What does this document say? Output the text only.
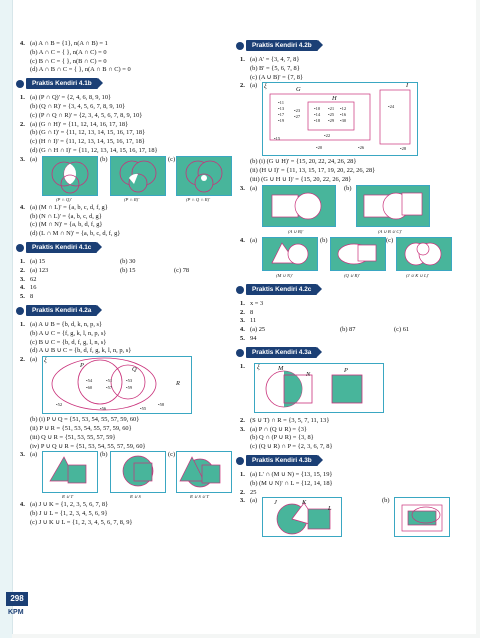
4. (a) A ∩ B = {1}, n(A ∩ B) = 1
(b) A ∩ C = { }, n(A ∩ C) = 0
(c) B ∩ C = { }, n(B ∩ C) = 0
(d) A ∩ B ∩ C = { }, n(A ∩ B ∩ C) = 0
Praktis Kendiri 4.1b
1. (a) (P ∩ Q)' = {2, 4, 6, 8, 9, 10}
(b) (Q ∩ R)' = {3, 4, 5, 6, 7, 8, 9, 10}
(c) (P ∩ Q ∩ R)' = {2, 3, 4, 5, 6, 7, 8, 9, 10}
2. (a) (G ∩ H)' = {11, 12, 14, 16, 17, 18}
(b) (G ∩ I)' = {11, 12, 13, 14, 15, 16, 17, 18}
(c) (H ∩ I)' = {11, 12, 13, 14, 15, 16, 17, 18}
(d) (G ∩ H ∩ I)' = {11, 12, 13, 14, 15, 16, 17, 18}
3. (a)	(b)	(c)
(P ∩ Q)'	(P ∩ R)'	(P ∩ Q ∩ R)'
4. (a) (M ∩ L)' = {a, b, c, d, f, g}
(b) (N ∩ L)' = {a, b, c, d, g}
(c) (M ∩ N)' = {a, b, d, f, g}
(d) (L ∩ M ∩ N)' = {a, b, c, d, f, g}
Praktis Kendiri 4.1c
1. (a) 15	(b) 30
2. (a) 123	(b) 15	(c) 78
3. 62
4. 16
5. 8
Praktis Kendiri 4.2a
1. (a) A ∪ B = {b, d, k, n, p, s}
(b) A ∪ C = {f, g, k, l, n, p, s}
(c) B ∪ C = {b, d, f, g, l, n, s}
(d) A ∪ B ∪ C = {b, d, f, g, k, l, n, p, s}
2. (a) ξ
P
Q
R
•54
•60
•51
•57
•53
•59
•52	•58
•56	•55
(b) (i) P ∪ Q = {51, 53, 54, 55, 57, 59, 60}
(ii) P ∪ R = {51, 53, 54, 55, 57, 59, 60}
(iii) Q ∪ R = {51, 53, 55, 57, 59}
(iv) P ∪ Q ∪ R = {51, 53, 54, 55, 57, 59, 60}
3. (a)	(b)	(c)
R ∪ T	R ∪ S	R ∪ S ∪ T
4. (a) J ∪ K = {1, 2, 3, 5, 6, 7, 8}
(b) J ∪ L = {1, 2, 3, 4, 5, 6, 9}
(c) J ∪ K ∪ L = {1, 2, 3, 4, 5, 6, 7, 8, 9}
Praktis Kendiri 4.2b
1. (a) A' = {3, 4, 7, 8}
(b) B' = {5, 6, 7, 8}
(c) (A ∪ B)' = {7, 8}
2. (a) ξ	G
H
I
•11
•13
•17
•19
•23
•27
•10
•14
•18
•21
•25
•29
•12
•16
•30
•24
•22
•20	•26
•15
•28
(b) (i) (G ∪ H)' = {15, 20, 22, 24, 26, 28}
(ii) (H ∪ I)' = {11, 13, 15, 17, 19, 20, 22, 26, 28}
(iii) (G ∪ H ∪ I)' = {15, 20, 22, 26, 28}
3. (a)	(b)
(A ∪ B)'	(A ∪ B ∪ C)'
4. (a)	(b)	(c)
(M ∪ N)'	(Q ∪ R)'	(J ∪ K ∪ L)'
Praktis Kendiri 4.2c
1. x = 3
2. 8
3. 11
4. (a) 25	(b) 87	(c) 61
5. 94
Praktis Kendiri 4.3a
1. ξ	M
N
P
2. (S ∪ T) ∩ R = {3, 5, 7, 11, 13}
3. (a) P ∩ (Q ∪ R) = {3}
(b) Q ∩ (P ∪ R) = {3, 8}
(c) (Q ∪ R) ∩ P = {2, 3, 6, 7, 8}
Praktis Kendiri 4.3b
1. (a) L' ∩ (M ∪ N) = {13, 15, 19}
(b) (M ∪ N)' ∩ L = {12, 14, 18}
2. 25
3. (a)	(b)
J	K
L
298
KPM
